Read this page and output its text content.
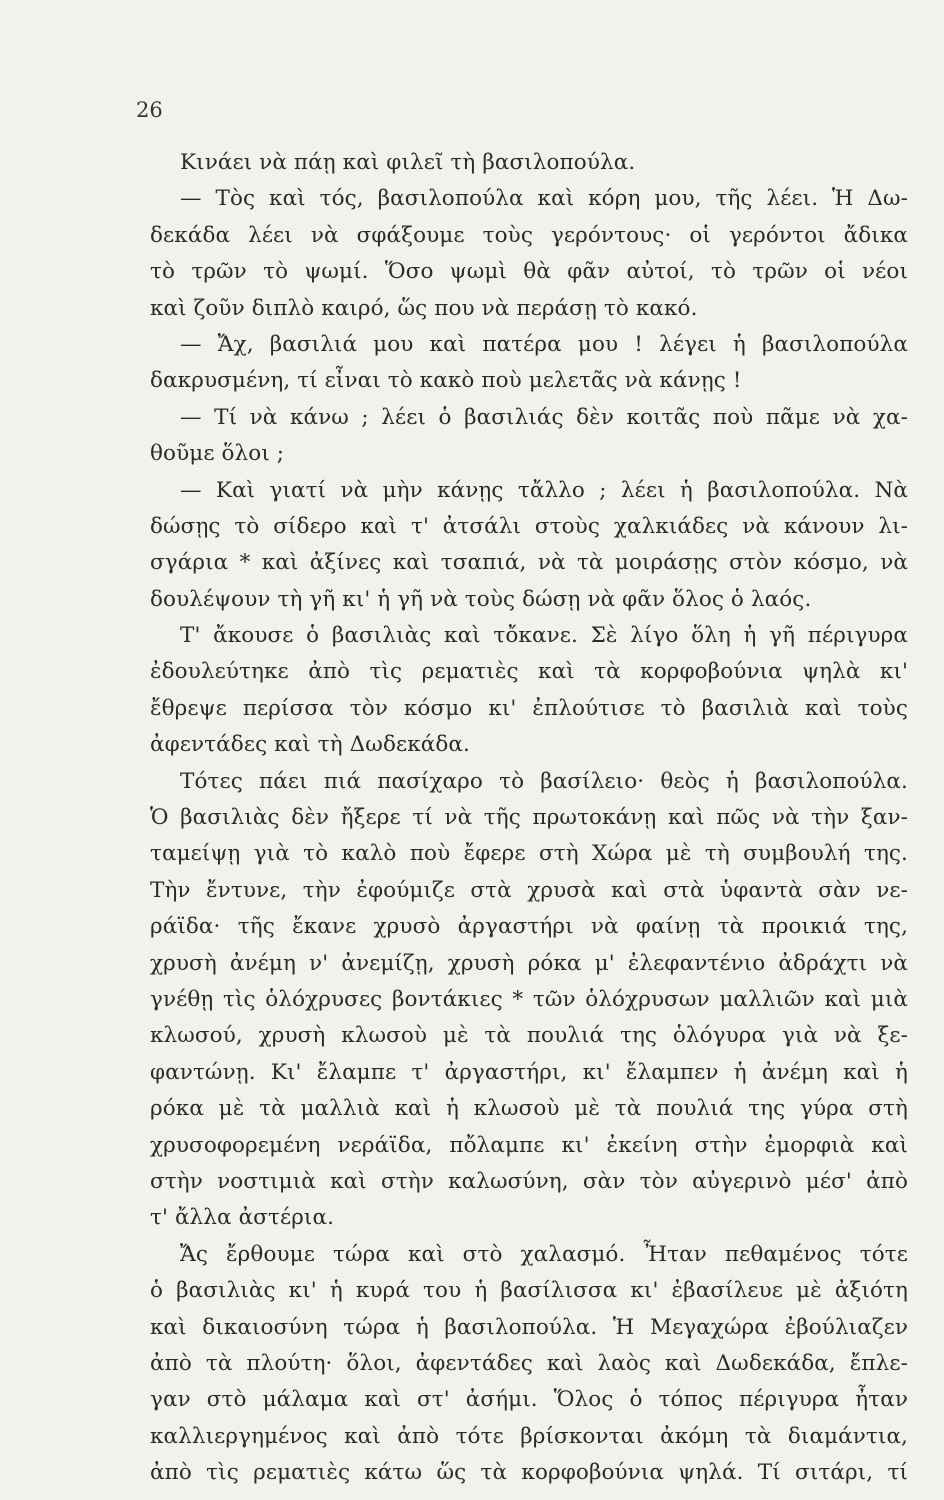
26
Κινάει νὰ πάῃ καὶ φιλεῖ τὴ βασιλοπούλα.
— Τὸς καὶ τός, βασιλοπούλα καὶ κόρη μου, τῆς λέει. Ἡ Δω-
δεκάδα λέει νὰ σφάξουμε τοὺς γερόντους· οἱ γερόντοι ἄδικα
τὸ τρῶν τὸ ψωμί. Ὅσο ψωμὶ θὰ φᾶν αὐτοί, τὸ τρῶν οἱ νέοι
καὶ ζοῦν διπλὸ καιρό, ὥς που νὰ περάσῃ τὸ κακό.
— Ἄχ, βασιλιά μου καὶ πατέρα μου ! λέγει ἡ βασιλοπούλα
δακρυσμένη, τί εἶναι τὸ κακὸ ποὺ μελετᾶς νὰ κάνῃς !
— Τί νὰ κάνω ; λέει ὁ βασιλιάς δὲν κοιτᾶς ποὺ πᾶμε νὰ χα-
θοῦμε ὅλοι ;
— Καὶ γιατί νὰ μὴν κάνῃς τἄλλο ; λέει ἡ βασιλοπούλα. Νὰ
δώσῃς τὸ σίδερο καὶ τ' ἀτσάλι στοὺς χαλκιάδες νὰ κάνουν λι-
σγάρια * καὶ ἀξίνες καὶ τσαπιά, νὰ τὰ μοιράσῃς στὸν κόσμο, νὰ
δουλέψουν τὴ γῆ κι' ἡ γῆ νὰ τοὺς δώσῃ νὰ φᾶν ὅλος ὁ λαός.
Τ' ἄκουσε ὁ βασιλιὰς καὶ τὄκανε. Σὲ λίγο ὅλη ἡ γῆ πέριγυρα
ἐδουλεύτηκε ἀπὸ τὶς ρεματιὲς καὶ τὰ κορφοβούνια ψηλὰ κι'
ἔθρεψε περίσσα τὸν κόσμο κι' ἐπλούτισε τὸ βασιλιὰ καὶ τοὺς
ἀφεντάδες καὶ τὴ Δωδεκάδα.
Τότες πάει πιά πασίχαρο τὸ βασίλειο· θεὸς ἡ βασιλοπούλα.
Ὁ βασιλιὰς δὲν ἤξερε τί νὰ τῆς πρωτοκάνῃ καὶ πῶς νὰ τὴν ξαν-
ταμείψῃ γιὰ τὸ καλὸ ποὺ ἔφερε στὴ Χώρα μὲ τὴ συμβουλή της.
Τὴν ἔντυνε, τὴν ἐφούμιζε στὰ χρυσὰ καὶ στὰ ὑφαντὰ σὰν νε-
ράϊδα· τῆς ἔκανε χρυσὸ ἀργαστήρι νὰ φαίνῃ τὰ προικιά της,
χρυσὴ ἀνέμη ν' ἀνεμίζῃ, χρυσὴ ρόκα μ' ἐλεφαντένιο ἀδράχτι νὰ
γνέθῃ τὶς ὁλόχρυσες βοντάκιες * τῶν ὁλόχρυσων μαλλιῶν καὶ μιὰ
κλωσού, χρυσὴ κλωσοὺ μὲ τὰ πουλιά της ὁλόγυρα γιὰ νὰ ξε-
φαντώνῃ. Κι' ἔλαμπε τ' ἀργαστήρι, κι' ἔλαμπεν ἡ ἀνέμη καὶ ἡ
ρόκα μὲ τὰ μαλλιὰ καὶ ἡ κλωσοὺ μὲ τὰ πουλιά της γύρα στὴ
χρυσοφορεμένη νεράϊδα, πὄλαμπε κι' ἐκείνη στὴν ἐμορφιὰ καὶ
στὴν νοστιμιὰ καὶ στὴν καλωσύνη, σὰν τὸν αὐγερινὸ μέσ' ἀπὸ
τ' ἄλλα ἀστέρια.
Ἄς ἔρθουμε τώρα καὶ στὸ χαλασμό. Ἦταν πεθαμένος τότε
ὁ βασιλιὰς κι' ἡ κυρά του ἡ βασίλισσα κι' ἐβασίλευε μὲ ἀξιότη
καὶ δικαιοσύνη τώρα ἡ βασιλοπούλα. Ἡ Μεγαχώρα ἐβούλιαζεν
ἀπὸ τὰ πλούτη· ὅλοι, ἀφεντάδες καὶ λαὸς καὶ Δωδεκάδα, ἔπλε-
γαν στὸ μάλαμα καὶ στ' ἀσήμι. Ὅλος ὁ τόπος πέριγυρα ἦταν
καλλιεργημένος καὶ ἀπὸ τότε βρίσκονται ἀκόμη τὰ διαμάντια,
ἀπὸ τὶς ρεματιὲς κάτω ὥς τὰ κορφοβούνια ψηλά. Τί σιτάρι, τί
